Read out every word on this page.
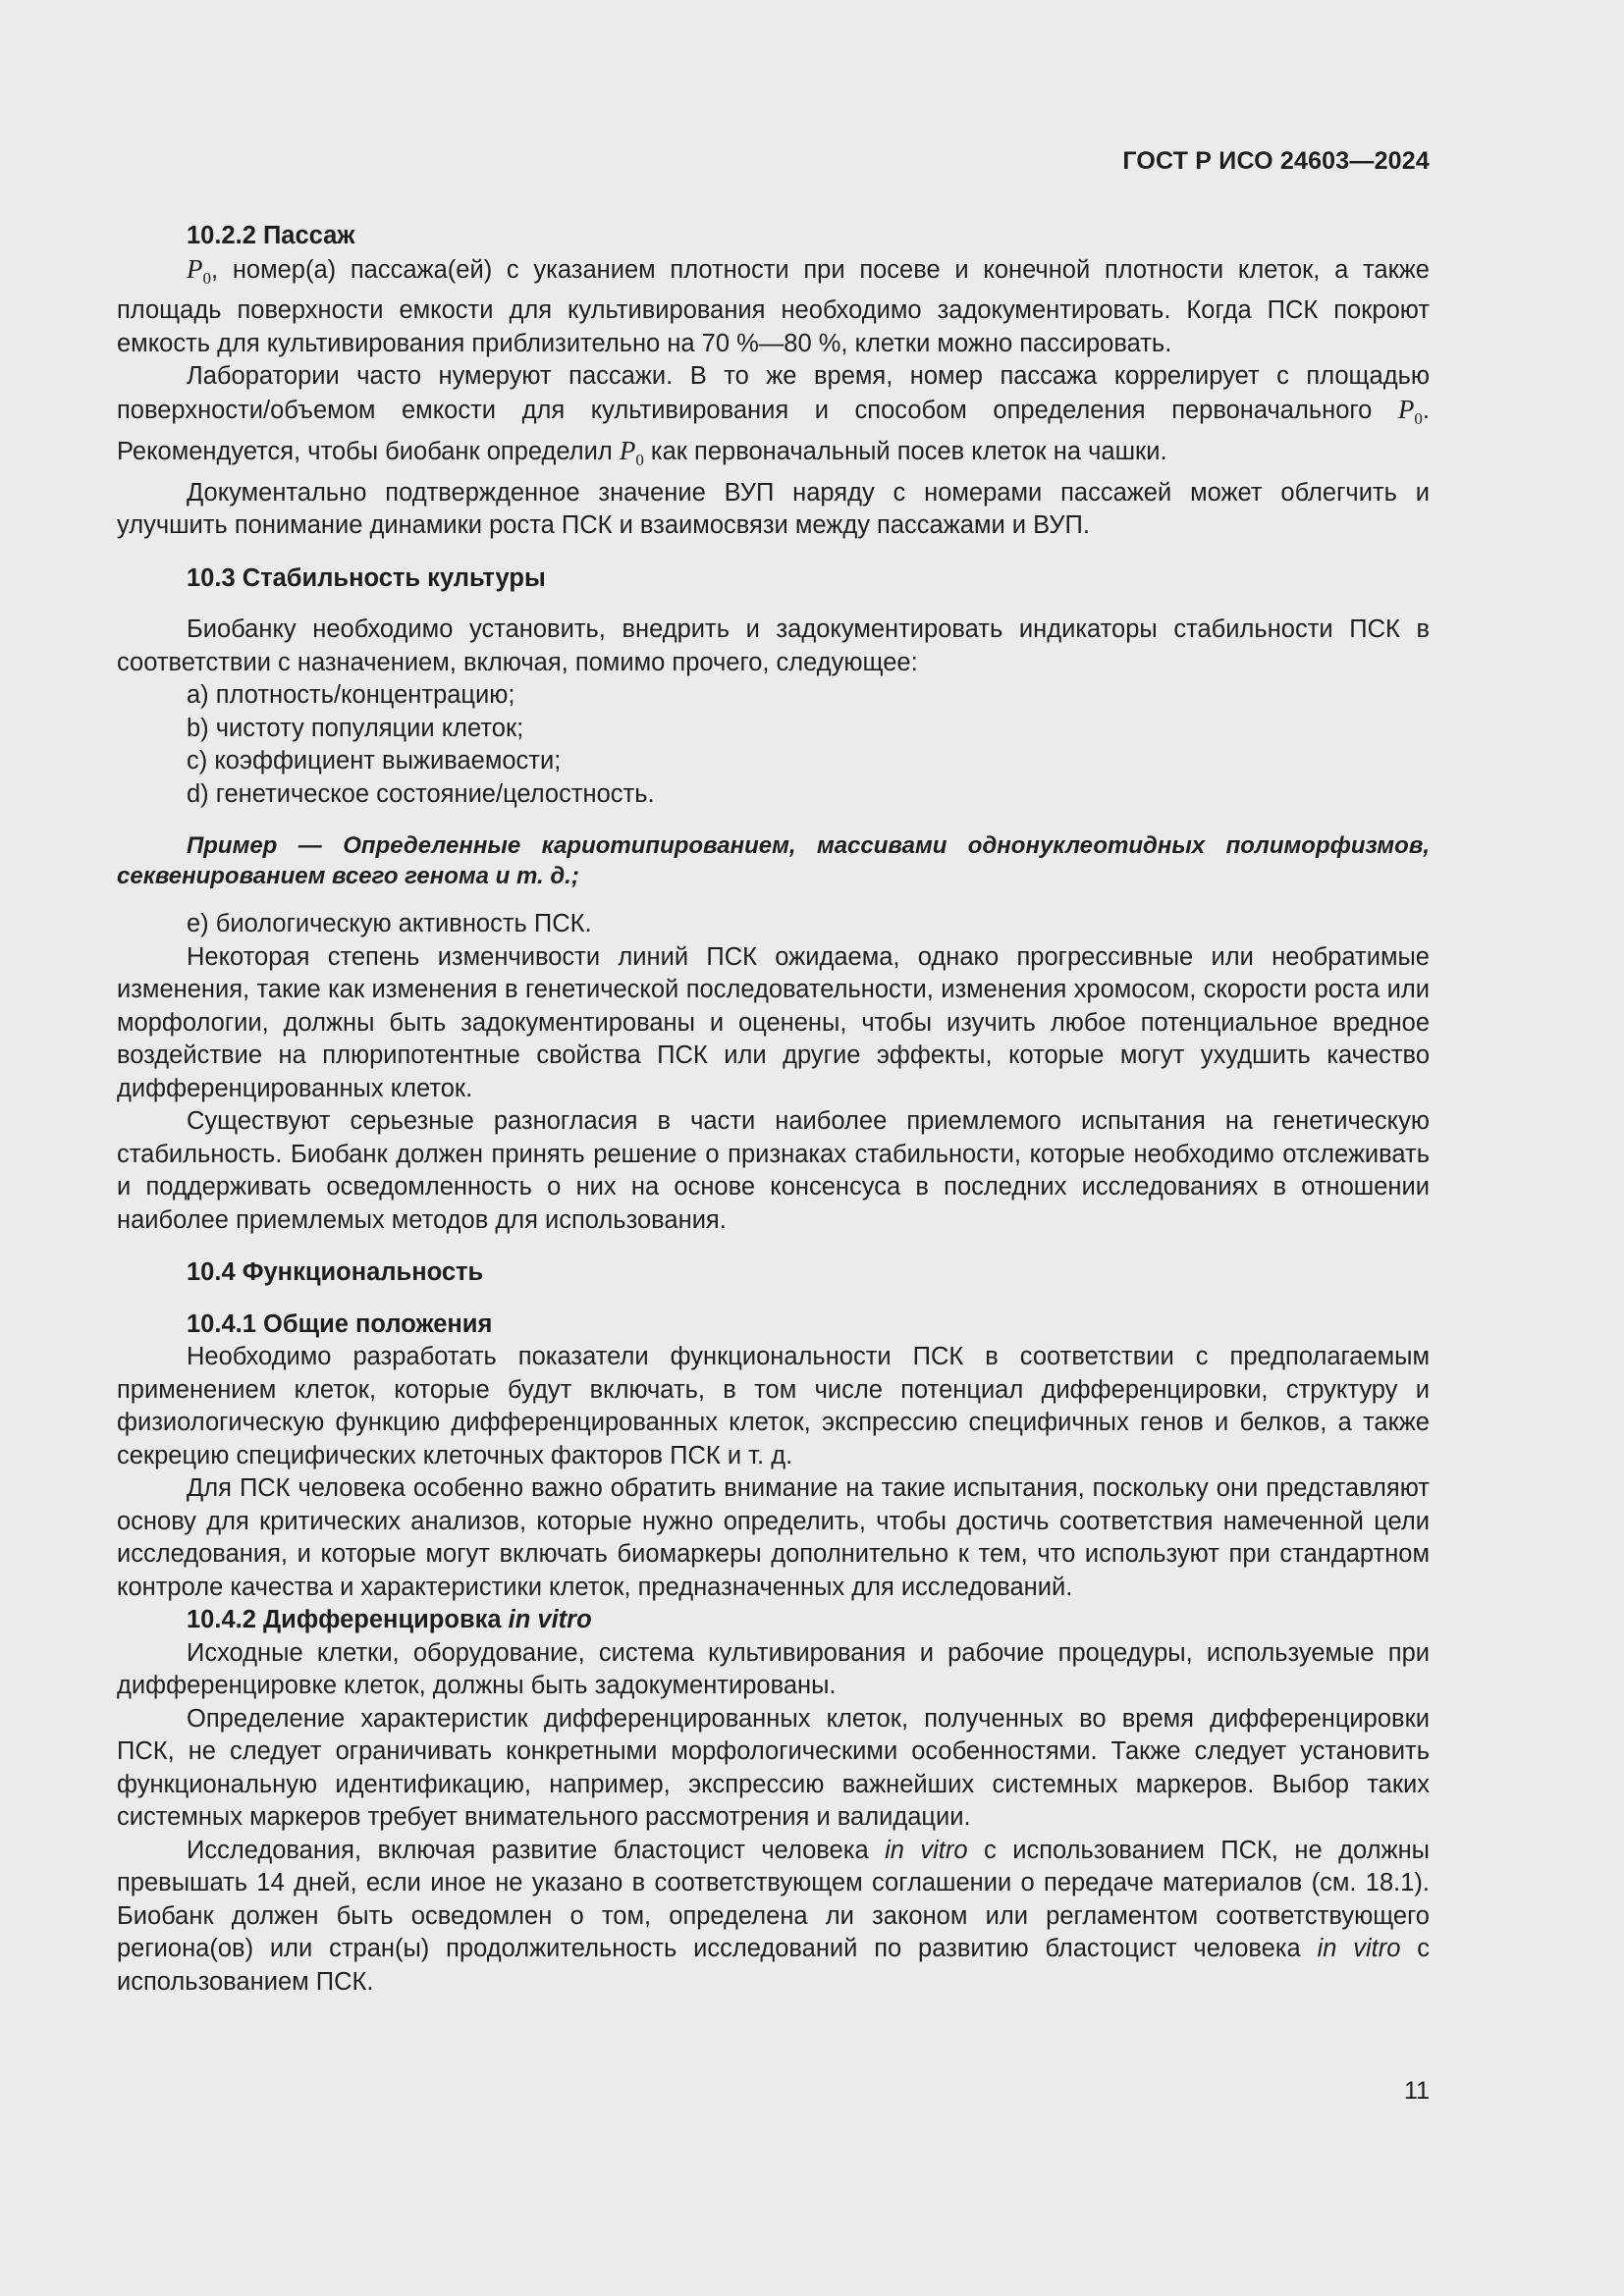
ГОСТ Р ИСО 24603—2024

10.2.2 Пассаж

$P_0$, номер(а) пассажа(ей) с указанием плотности при посеве и конечной плотности клеток, а также площадь поверхности емкости для культивирования необходимо задокументировать. Когда ПСК покроют емкость для культивирования приблизительно на 70 %—80 %, клетки можно пассировать.

Лаборатории часто нумеруют пассажи. В то же время, номер пассажа коррелирует с площадью поверхности/объемом емкости для культивирования и способом определения первоначального $P_0$. Рекомендуется, чтобы биобанк определил $P_0$ как первоначальный посев клеток на чашки.

Документально подтвержденное значение ВУП наряду с номерами пассажей может облегчить и улучшить понимание динамики роста ПСК и взаимосвязи между пассажами и ВУП.

10.3 Стабильность культуры

Биобанку необходимо установить, внедрить и задокументировать индикаторы стабильности ПСК в соответствии с назначением, включая, помимо прочего, следующее:

a) плотность/концентрацию;

b) чистоту популяции клеток;

c) коэффициент выживаемости;

d) генетическое состояние/целостность.

Пример — Определенные кариотипированием, массивами однонуклеотидных полиморфизмов, секвенированием всего генома и т. д.;

e) биологическую активность ПСК.

Некоторая степень изменчивости линий ПСК ожидаема, однако прогрессивные или необратимые изменения, такие как изменения в генетической последовательности, изменения хромосом, скорости роста или морфологии, должны быть задокументированы и оценены, чтобы изучить любое потенциальное вредное воздействие на плюрипотентные свойства ПСК или другие эффекты, которые могут ухудшить качество дифференцированных клеток.

Существуют серьезные разногласия в части наиболее приемлемого испытания на генетическую стабильность. Биобанк должен принять решение о признаках стабильности, которые необходимо отслеживать и поддерживать осведомленность о них на основе консенсуса в последних исследованиях в отношении наиболее приемлемых методов для использования.

10.4 Функциональность

10.4.1 Общие положения

Необходимо разработать показатели функциональности ПСК в соответствии с предполагаемым применением клеток, которые будут включать, в том числе потенциал дифференцировки, структуру и физиологическую функцию дифференцированных клеток, экспрессию специфичных генов и белков, а также секрецию специфических клеточных факторов ПСК и т. д.

Для ПСК человека особенно важно обратить внимание на такие испытания, поскольку они представляют основу для критических анализов, которые нужно определить, чтобы достичь соответствия намеченной цели исследования, и которые могут включать биомаркеры дополнительно к тем, что используют при стандартном контроле качества и характеристики клеток, предназначенных для исследований.

10.4.2 Дифференцировка in vitro

Исходные клетки, оборудование, система культивирования и рабочие процедуры, используемые при дифференцировке клеток, должны быть задокументированы.

Определение характеристик дифференцированных клеток, полученных во время дифференцировки ПСК, не следует ограничивать конкретными морфологическими особенностями. Также следует установить функциональную идентификацию, например, экспрессию важнейших системных маркеров. Выбор таких системных маркеров требует внимательного рассмотрения и валидации.

Исследования, включая развитие бластоцист человека in vitro с использованием ПСК, не должны превышать 14 дней, если иное не указано в соответствующем соглашении о передаче материалов (см. 18.1). Биобанк должен быть осведомлен о том, определена ли законом или регламентом соответствующего региона(ов) или стран(ы) продолжительность исследований по развитию бластоцист человека in vitro с использованием ПСК.

11
